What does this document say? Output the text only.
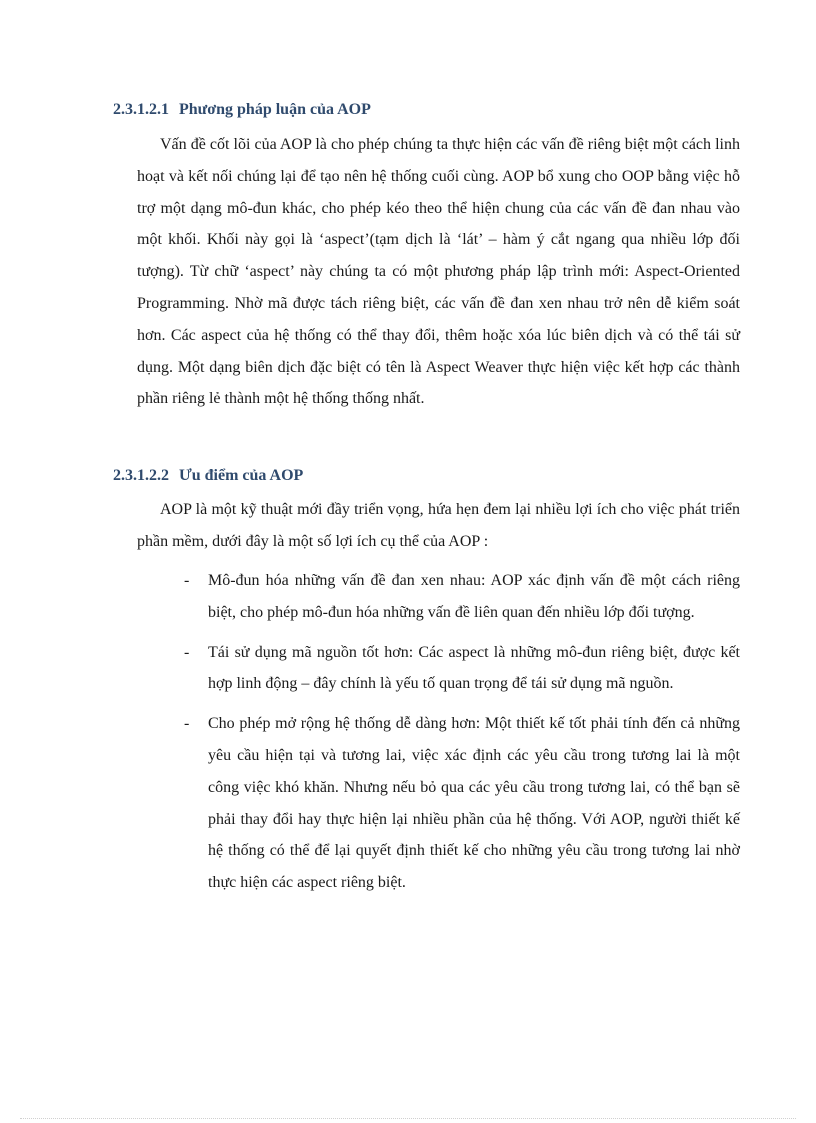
2.3.1.2.1 Phương pháp luận của AOP

Vấn đề cốt lõi của AOP là cho phép chúng ta thực hiện các vấn đề riêng biệt một cách linh hoạt và kết nối chúng lại để tạo nên hệ thống cuối cùng. AOP bổ xung cho OOP bằng việc hỗ trợ một dạng mô-đun khác, cho phép kéo theo thể hiện chung của các vấn đề đan nhau vào một khối. Khối này gọi là ‘aspect’(tạm dịch là ‘lát’ – hàm ý cắt ngang qua nhiều lớp đối tượng). Từ chữ ‘aspect’ này chúng ta có một phương pháp lập trình mới: Aspect-Oriented Programming. Nhờ mã được tách riêng biệt, các vấn đề đan xen nhau trở nên dễ kiểm soát hơn. Các aspect của hệ thống có thể thay đổi, thêm hoặc xóa lúc biên dịch và có thể tái sử dụng. Một dạng biên dịch đặc biệt có tên là Aspect Weaver thực hiện việc kết hợp các thành phần riêng lẻ thành một hệ thống thống nhất.

2.3.1.2.2 Ưu điểm của AOP

AOP là một kỹ thuật mới đầy triển vọng, hứa hẹn đem lại nhiều lợi ích cho việc phát triển phần mềm, dưới đây là một số lợi ích cụ thể của AOP :

- Mô-đun hóa những vấn đề đan xen nhau: AOP xác định vấn đề một cách riêng biệt, cho phép mô-đun hóa những vấn đề liên quan đến nhiều lớp đối tượng.
- Tái sử dụng mã nguồn tốt hơn: Các aspect là những mô-đun riêng biệt, được kết hợp linh động – đây chính là yếu tố quan trọng để tái sử dụng mã nguồn.
- Cho phép mở rộng hệ thống dễ dàng hơn: Một thiết kế tốt phải tính đến cả những yêu cầu hiện tại và tương lai, việc xác định các yêu cầu trong tương lai là một công việc khó khăn. Nhưng nếu bỏ qua các yêu cầu trong tương lai, có thể bạn sẽ phải thay đổi hay thực hiện lại nhiều phần của hệ thống. Với AOP, người thiết kế hệ thống có thể để lại quyết định thiết kế cho những yêu cầu trong tương lai nhờ thực hiện các aspect riêng biệt.
